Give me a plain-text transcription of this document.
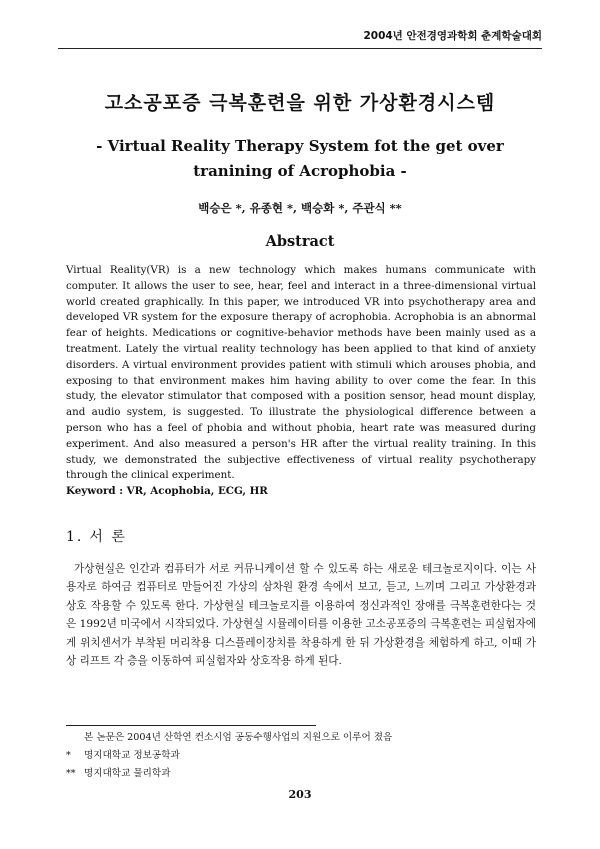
2004년 안전경영과학회 춘계학술대회
고소공포증 극복훈련을 위한 가상환경시스템
- Virtual Reality Therapy System fot the get over
tranining of Acrophobia -
백승은 *, 유종현 *, 백승화 *, 주관식 **
Abstract

Virtual Reality(VR) is a new technology which makes humans communicate with computer. It allows the user to see, hear, feel and interact in a three-dimensional virtual world created graphically. In this paper, we introduced VR into psychotherapy area and developed VR system for the exposure therapy of acrophobia. Acrophobia is an abnormal fear of heights. Medications or cognitive-behavior methods have been mainly used as a treatment. Lately the virtual reality technology has been applied to that kind of anxiety disorders. A virtual environment provides patient with stimuli which arouses phobia, and exposing to that environment makes him having ability to over come the fear. In this study, the elevator stimulator that composed with a position sensor, head mount display, and audio system, is suggested. To illustrate the physiological difference between a person who has a feel of phobia and without phobia, heart rate was measured during experiment. And also measured a person's HR after the virtual reality training. In this study, we demonstrated the subjective effectiveness of virtual reality psychotherapy through the clinical experiment.

Keyword : VR, Acophobia, ECG, HR
1. 서 론

가상현실은 인간과 컴퓨터가 서로 커뮤니케이션 할 수 있도록 하는 새로운 테크놀로지이다. 이는 사용자로 하여금 컴퓨터로 만들어진 가상의 삼차원 환경 속에서 보고, 듣고, 느끼며 그리고 가상환경과 상호 작용할 수 있도록 한다. 가상현실 테크놀로지를 이용하여 정신과적인 장애를 극복훈련한다는 것은 1992년 미국에서 시작되었다. 가상현실 시뮬레이터를 이용한 고소공포증의 극복훈련는 피실험자에게 위치센서가 부착된 머리착용 디스플레이장치를 착용하게 한 뒤 가상환경을 체험하게 하고, 이때 가상 리프트 각 층을 이동하여 피실험자와 상호작용 하게 된다.

본 논문은 2004년 산학연 컨소시엄 공동수행사업의 지원으로 이루어 졌음
* 명지대학교 정보공학과
** 명지대학교 물리학과
203
